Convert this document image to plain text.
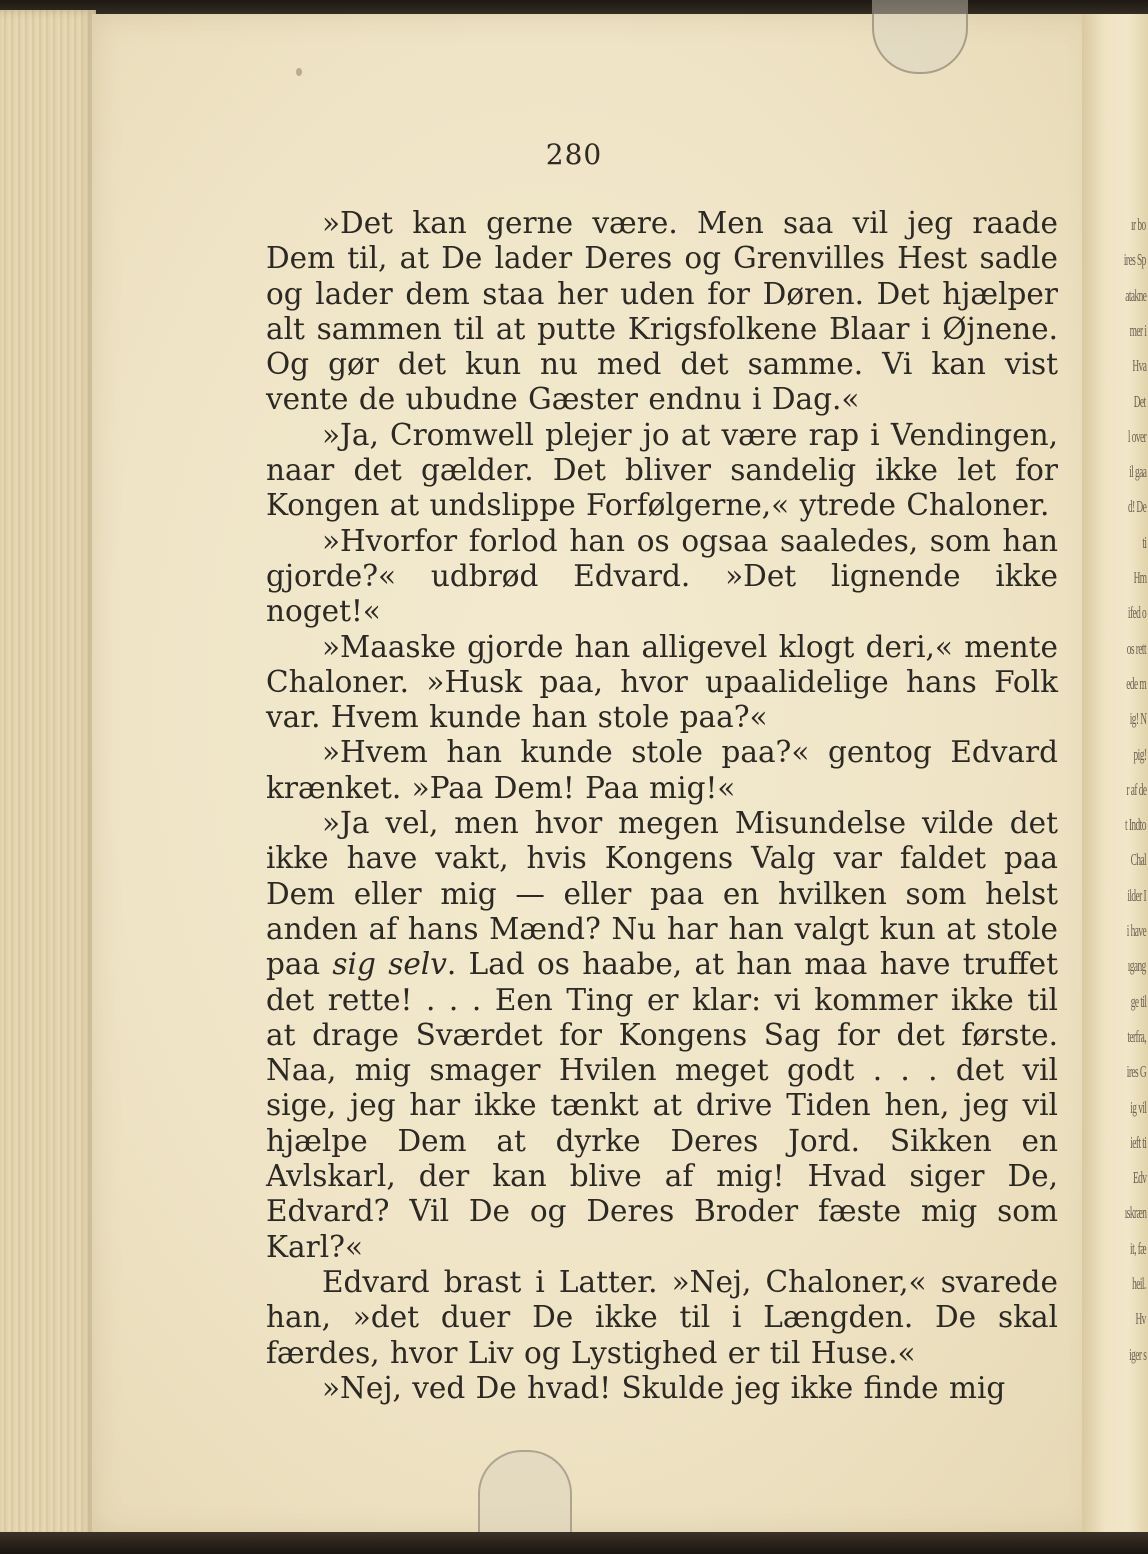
ır bo
ires Sp
atakne
mer i
Hva
Det
l over
il gaa
d! De
ti
Hm
ifed o
os rett
ede m
ig! N
pig!
r af de
t Indto
Chal
ilder I
i have
ıgang
ge til
terfra,
ires G
ig vil
ieft ti
Edv
ıskræn
it, fæ
heil.
Hv
iger s
280

»Det kan gerne være. Men saa vil jeg raade Dem til, at De lader Deres og Grenvilles Hest sadle og lader dem staa her uden for Døren. Det hjælper alt sammen til at putte Krigsfolkene Blaar i Øjnene. Og gør det kun nu med det samme. Vi kan vist vente de ubudne Gæster endnu i Dag.«

»Ja, Cromwell plejer jo at være rap i Vendingen, naar det gælder. Det bliver sandelig ikke let for Kongen at undslippe Forfølgerne,« ytrede Chaloner.

»Hvorfor forlod han os ogsaa saaledes, som han gjorde?« udbrød Edvard. »Det lignende ikke noget!«

»Maaske gjorde han alligevel klogt deri,« mente Chaloner. »Husk paa, hvor upaalidelige hans Folk var. Hvem kunde han stole paa?«

»Hvem han kunde stole paa?« gentog Edvard krænket. »Paa Dem! Paa mig!«

»Ja vel, men hvor megen Misundelse vilde det ikke have vakt, hvis Kongens Valg var faldet paa Dem eller mig — eller paa en hvilken som helst anden af hans Mænd? Nu har han valgt kun at stole paa sig selv. Lad os haabe, at han maa have truffet det rette! . . . Een Ting er klar: vi kommer ikke til at drage Sværdet for Kongens Sag for det første. Naa, mig smager Hvilen meget godt . . . det vil sige, jeg har ikke tænkt at drive Tiden hen, jeg vil hjælpe Dem at dyrke Deres Jord. Sikken en Avlskarl, der kan blive af mig! Hvad siger De, Edvard? Vil De og Deres Broder fæste mig som Karl?«

Edvard brast i Latter. »Nej, Chaloner,« svarede han, »det duer De ikke til i Længden. De skal færdes, hvor Liv og Lystighed er til Huse.«

»Nej, ved De hvad! Skulde jeg ikke finde mig
